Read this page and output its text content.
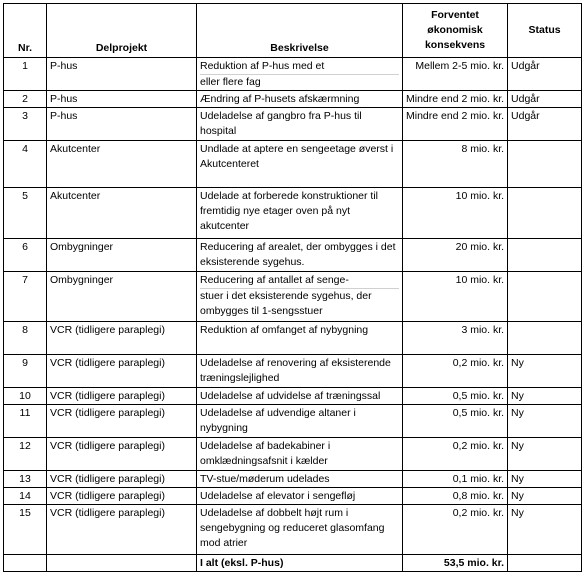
Nr.	Delprojekt	Beskrivelse	Forventet
økonomisk
konsekvens	Status
1	P-hus	Reduktion af P-hus med et
eller flere fag	Mellem 2-5 mio. kr.	Udgår
2	P-hus	Ændring af P-husets afskærmning	Mindre end 2 mio. kr.	Udgår
3	P-hus	Udeladelse af gangbro fra P-hus til hospital	Mindre end 2 mio. kr.	Udgår
4	Akutcenter	Undlade at aptere en sengeetage øverst i Akutcenteret	8 mio. kr.	
5	Akutcenter	Udelade at forberede konstruktioner til fremtidig nye etager oven på nyt akutcenter	10 mio. kr.	
6	Ombygninger	Reducering af arealet, der ombygges i det eksisterende sygehus.	20 mio. kr.	
7	Ombygninger	Reducering af antallet af senge-
stuer i det eksisterende sygehus, der ombygges til 1-sengsstuer	10 mio. kr.	
8	VCR (tidligere paraplegi)	Reduktion af omfanget af nybygning	3 mio. kr.	
9	VCR (tidligere paraplegi)	Udeladelse af renovering af eksisterende træningslejlighed	0,2 mio. kr.	Ny
10	VCR (tidligere paraplegi)	Udeladelse af udvidelse af træningssal	0,5 mio. kr.	Ny
11	VCR (tidligere paraplegi)	Udeladelse af udvendige altaner i nybygning	0,5 mio. kr.	Ny
12	VCR (tidligere paraplegi)	Udeladelse af badekabiner i omklædningsafsnit i kælder	0,2 mio. kr.	Ny
13	VCR (tidligere paraplegi)	TV-stue/møderum udelades	0,1 mio. kr.	Ny
14	VCR (tidligere paraplegi)	Udeladelse af elevator i sengefløj	0,8 mio. kr.	Ny
15	VCR (tidligere paraplegi)	Udeladelse af dobbelt højt rum i sengebygning og reduceret glasomfang mod atrier	0,2 mio. kr.	Ny
		I alt (eksl. P-hus)	53,5 mio. kr.	
